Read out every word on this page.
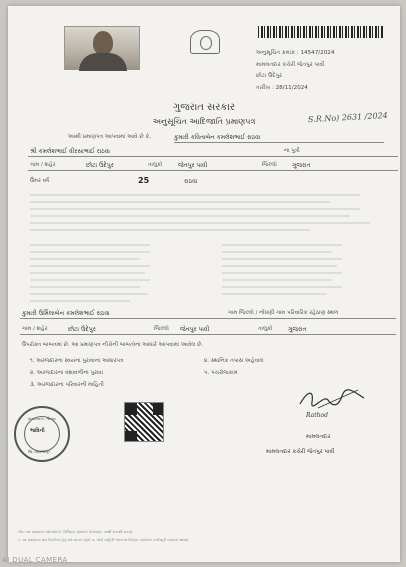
અનુસૂચિત ક્રમાંક : 14547/2024
મામલતદાર કચેરી જેતપુર પાવી
છોટા ઉદેપુર
તારીખ : 28/11/2024
ગુજરાત સરકાર
અનુસૂચિત આદિજાતિ પ્રમાણપત્ર	S.R.No) 2631 /2024
આથી પ્રમાણપત્ર આપવામાં આવે છે કે,	કુમારી કવિતાબેન કમલેશભાઈ રાઠવા
શ્રી કમલેશભાઈ વીરસાભાઈ રાઠવા	ના પુત્રી
ગામ / શહેર	છોટા ઉદેપુર	તાલુકો	જેતપુર પાવી	જિલ્લો	ગુજરાત
ઉંમર વર્ષ	25	રાઠવા
કુમારી ઉર્મિલાબેન કમલેશભાઈ રાઠવા	ગામ જિલ્લો / નોંધણી ગામ પરિવારિક રહેઠાણ સ્થળ
ગામ / શહેર	છોટા ઉદેપુર	જિલ્લો જેતપુર પાવી	તાલુકો	ગુજરાત
ઉપરોક્ત બાબતમાં છે. આ પ્રમાણપત્ર નીચેની બાબતોના આધારે આપવામાં આવેલ છે.
૧. અરજદારના સ્વયંના પુરાવાના આધારપત્ર
૨. અરજદારના વંશાવળીના પુરાવા
૩. અરજદારના પરિવારની માહિતી
૪. સ્થાનિક તપાસ અહેવાલ
૫. પંચરોજકામ
મામલતદાર, જેતપુર
ભાવિની
જિ. છોટાઉદેપુર
Rathod
મામલતદાર
મામલતદાર કચેરી જેતપુર પાવી
નોંધ: આ પ્રમાણપત્ર ઓનલાઈન 'ડિજિટલ ગુજરાત' વેબસાઈટ પરથી ચકાસી શકાશે.
૧. આ પ્રમાણપત્ર માત્ર ઉપરોક્ત હેતુ માટે માન્ય રહેશે. ૨. ખોટી માહિતી આપનાર વિરુદ્ધ કાયદેસર કાર્યવાહી કરવામાં આવશે.
AI DUAL CAMERA
